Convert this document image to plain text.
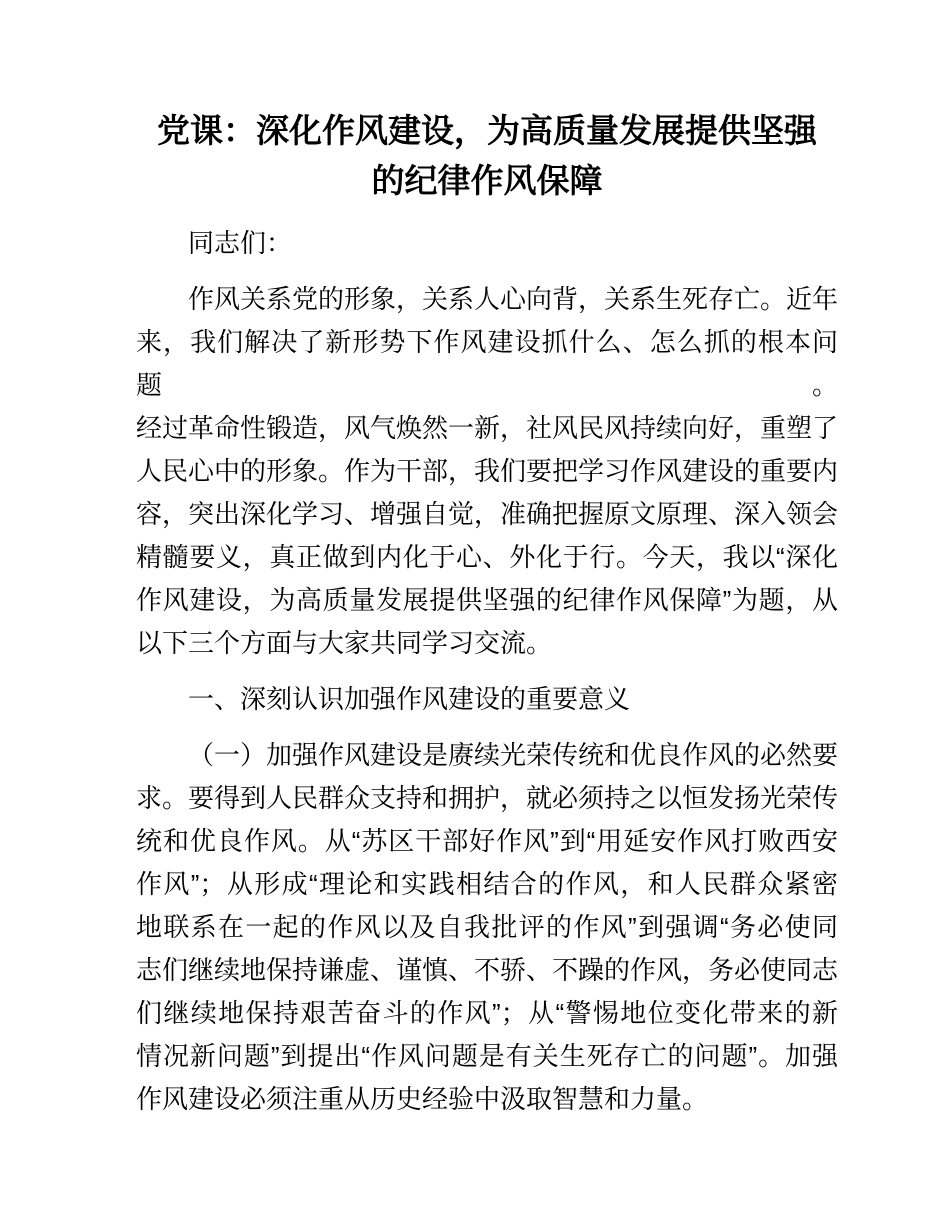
党课：深化作风建设，为高质量发展提供坚强
的纪律作风保障
同志们：
作风关系党的形象，关系人心向背，关系生死存亡。近年
来，我们解决了新形势下作风建设抓什么、怎么抓的根本问题。
经过革命性锻造，风气焕然一新，社风民风持续向好，重塑了
人民心中的形象。作为干部，我们要把学习作风建设的重要内
容，突出深化学习、增强自觉，准确把握原文原理、深入领会
精髓要义，真正做到内化于心、外化于行。今天，我以“深化
作风建设，为高质量发展提供坚强的纪律作风保障”为题，从
以下三个方面与大家共同学习交流。
一、深刻认识加强作风建设的重要意义
（一）加强作风建设是赓续光荣传统和优良作风的必然要
求。要得到人民群众支持和拥护，就必须持之以恒发扬光荣传
统和优良作风。从“苏区干部好作风”到“用延安作风打败西安
作风”；从形成“理论和实践相结合的作风，和人民群众紧密
地联系在一起的作风以及自我批评的作风”到强调“务必使同
志们继续地保持谦虚、谨慎、不骄、不躁的作风，务必使同志
们继续地保持艰苦奋斗的作风”；从“警惕地位变化带来的新
情况新问题”到提出“作风问题是有关生死存亡的问题”。加强
作风建设必须注重从历史经验中汲取智慧和力量。
